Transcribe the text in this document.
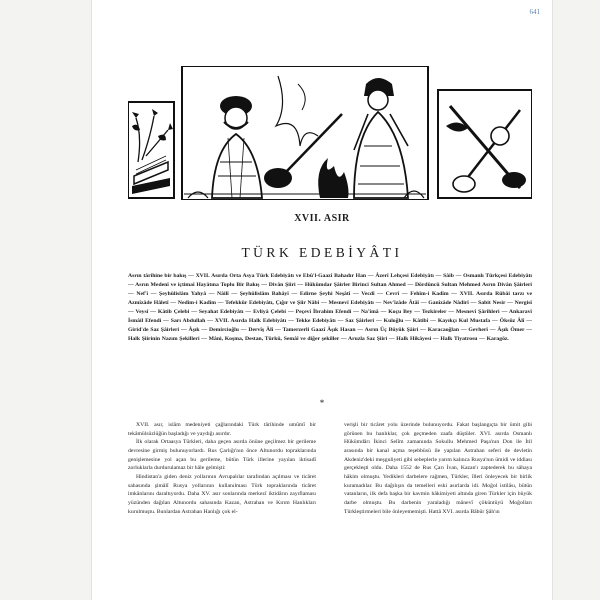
641
XVII. ASIR
TÜRK EDEBİYÂTI
Asrın târihine bir bakış — XVII. Asırda Orta Asya Türk Edebiyâtı ve Ebû'l-Gaazî Bahadır Han — Âzerî Lehçesi Edebiyâtı — Sâib — Osmanlı Türkçesi Edebiyâtı — Asrın Medenî ve içtimaî Hayâtına Toplu Bir Bakış — Divân Şiiri — Hükümdar Şâirler Birinci Sultan Ahmed — Dördüncü Sultan Mehmed Asrın Divân Şâirleri — Nef'î — Şeyhülislâm Yahyâ — Nâilî — Şeyhülislâm Bahâyî — Edirne Şeyhi Neşâtî — Vecdî — Cevrî — Fehîm-i Kadîm — XVII. Asırda Rûbâi tarzı ve Azmîzâde Hâletî — Nedîm-i Kadîm — Tefekkür Edebiyâtı, Çığır ve Şiir Nâbî — Mesnevî Edebiyâtı — Nev'îzâde Âtâî — Ganîzâde Nâdirî — Sabit Nesir — Nergisî — Veysî — Kâtib Çelebi — Seyahat Edebiyâtı — Evliyâ Çelebi — Peçevî İbrahim Efendi — Na'îmâ — Koçu Bey — Tezkireler — Mesnevî Şârihleri — Ankaravî İsmâil Efendi — Sarı Abdullah — XVII. Asırda Halk Edebiyâtı — Tekke Edebiyâtı — Saz Şâirleri — Kuloğlu — Kâtibî — Kayıkçı Kul Mustafa — Öksüz Âlî — Girid'de Saz Şâirleri — Âşık — Demircioğlu — Dervîş Âlî — Tamerzerli Gaazî Âşık Hasan — Asrın Üç Büyük Şâiri — Karacaoğlan — Gevherî — Âşık Ömer — Halk Şiirinin Nazım Şekilleri — Mâni, Koşma, Destan, Türkü, Semâî ve diğer şekiller — Aruzla Saz Şiiri — Halk Hikâyesi — Halk Tiyatrosu — Karagöz.
*

XVII. asır, islâm medeniyeti çağlarındaki Türk târihinde umûmî bir tekâmülsüzlüğün başladığı ve yaydığı asırdır.

İlk olarak Ortaasya Türkleri, daha geçen asırda önüne geçilmez bir gerileme devresine girmiş bulunuyorlardı. Rus Çarlığı'nın önce Altunordu topraklarında genişlemesine yol açan bu gerileme, bütün Türk illerine yayılan iktisadî zorluklarla durdurulamaz bir hâle gelmişti:

Hindistan'a giden deniz yollarının Avrupalılar tarafından açılması ve ticâret sahasında şimâlî Rusya yollarının kullanılması Türk topraklarında ticâret imkânlarını daraltıyordu. Daha XV. asır sonlarında merkezî iktidârın zayıflaması yüzünden dağılan Altunordu sahasında Kazan, Astrahan ve Kırım Hanlıkları kurulmuştu. Bunlardan Astrahan Hanlığı çok el-

verişli bir ticâret yolu üzerinde bulunuyordu. Fakat başlangıçta bir ümit gibi görünen bu hanlıklar, çok geçmeden zaafa düştüler. XVI. asırda Osmanlı Hükümdârı İkinci Selîm zamanında Sokullu Mehmed Paşa'nın Don ile İtil arasında bir kanal açma teşebbüsü ile yapılan Astrahan seferi de devletin Akdeniz'deki meşguliyeti gibi sebeplerle yarım kalınca Rusya'nın ümidi ve iddiası gerçekleşti oldu. Daha 1552 de Rus Çarı İvan, Kazan'ı zaptederek bu sâhaya hâkim olmuştu. Yedikleri darbelere rağmen, Türkler, îlleri önleyecek bir birlik kuramadılar. Bu dağılışın da temelleri eski asırlarda idi. Moğol istilâsı, bütün vatanların, ilk defa başka bir kavmin hâkimiyeti altında giren Türkler için büyük darbe olmuştu. Bu darbenin yaraladığı mânevî çöküntüyü Moğolları Türkleştirmeleri bile önleyememişti. Hattâ XVI. asırda Bâbür Şâh'ın
